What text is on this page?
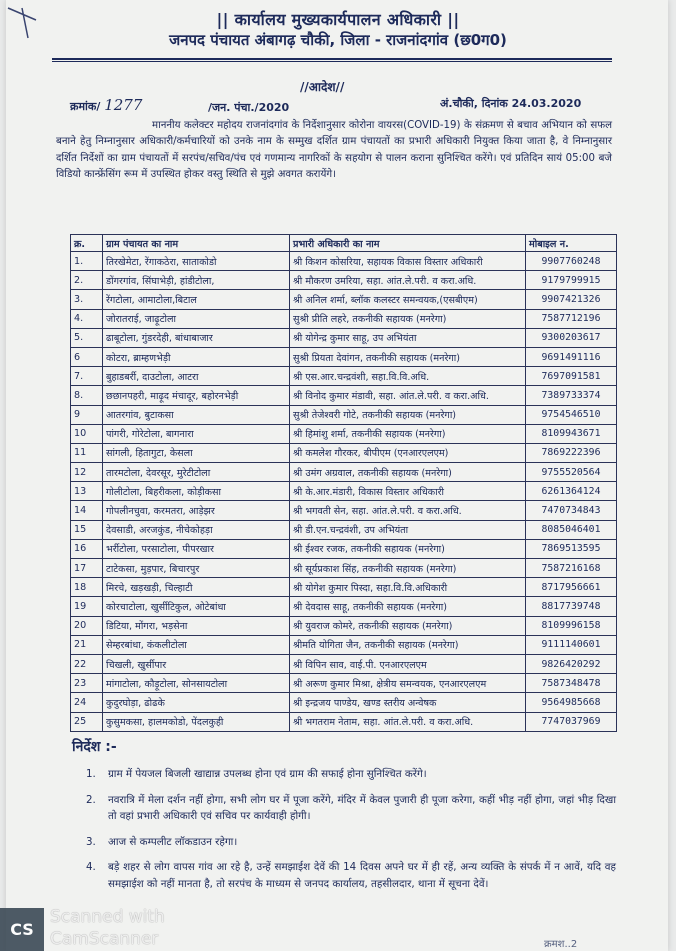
|| कार्यालय मुख्यकार्यपालन अधिकारी ||
जनपद पंचायत अंबागढ़ चौकी, जिला - राजनांदगांव (छ0ग0)
//आदेश//
क्रमांक/ 1277	/जन. पंचा./2020	अं.चौकी, दिनांक 24.03.2020
माननीय कलेक्टर महोदय राजनांदगांव के निर्देशानुसार कोरोना वायरस(COVID-19) के संक्रमण से बचाव अभियान को सफल बनाने हेतु निम्नानुसार अधिकारी/कर्मचारियों को उनके नाम के सम्मुख दर्शित ग्राम पंचायतों का प्रभारी अधिकारी नियुक्त किया जाता है, वे निम्नानुसार दर्शित निर्देशों का ग्राम पंचायतों में सरपंच/सचिव/पंच एवं गणमान्य नागरिकों के सहयोग से पालन कराना सुनिश्चित करेंगे। एवं प्रतिदिन सायं 05:00 बजे विडियो कान्फ्रेंसिंग रूम में उपस्थित होकर वस्तु स्थिति से मुझे अवगत करायेंगे।
क्र.	ग्राम पंचायत का नाम	प्रभारी अधिकारी का नाम	मोबाइल न.
1.	तिरखेमेटा, रेंगाकठेरा, साताकोडो	श्री किशन कोसरिया, सहायक विकास विस्तार अधिकारी	9907760248
2.	डोंगरगांव, सिंघाभेड़ी, हांडीटोला,	श्री मौकरण उमरिया, सहा. आंत.ले.परी. व करा.अधि.	9179799915
3.	रेंगटोला, आमाटोला,बिटाल	श्री अनिल शर्मा, ब्लॉक कलस्टर समन्वयक,(एसबीएम)	9907421326
4.	जोरातराई, जाढ़ूटोला	सुश्री प्रीति लहरे, तकनीकी सहायक (मनरेगा)	7587712196
5.	ढाबूटोला, गुंडरदेही, बांधाबाजार	श्री योगेन्द्र कुमार साहू, उप अभियंता	9300203617
6	कोटरा, ब्राम्हणभेड़ी	सुश्री प्रियता देवांगन, तकनीकी सहायक (मनरेगा)	9691491116
7.	बुहाडबर्री, दाउटोला, आटरा	श्री एस.आर.चन्द्रवंशी, सहा.वि.वि.अधि.	7697091581
8.	छछानपहरी, माढ़ूद मंचादूर, बहोरनभेड़ी	श्री विनोद कुमार मंडावी, सहा. आंत.ले.परी. व करा.अधि.	7389733374
9	आतरगांव, बुटाकसा	सुश्री तेजेश्वरी गोटे, तकनीकी सहायक (मनरेगा)	9754546510
10	पांगरी, गोरेटोला, बागनारा	श्री हिमांशु शर्मा, तकनीकी सहायक (मनरेगा)	8109943671
11	सांगली, हितागुटा, केसला	श्री कमलेश गौरकर, बीपीएम (एनआरएलएम)	7869222396
12	तारमटोला, देवरसूर, मुरेटीटोला	श्री उमंग अग्रवाल, तकनीकी सहायक (मनरेगा)	9755520564
13	गोलीटोला, बिहरीकला, कोड़ीकसा	श्री के.आर.मंडारी, विकास विस्तार अधिकारी	6261364124
14	गोपलीनचुवा, करमतरा, आड़ेझर	श्री भगवती सेन, सहा. आंत.ले.परी. व करा.अधि.	7470734843
15	देवसाडी, अरजकुंड, नीचेकोहड़ा	श्री डी.एन.चन्द्रवंशी, उप अभियंता	8085046401
16	भर्रीटोला, परसाटोला, पीपरखार	श्री ईश्वर रजक, तकनीकी सहायक (मनरेगा)	7869513595
17	टाटेकसा, मुड़पार, बिचारपुर	श्री सूर्यप्रकाश सिंह, तकनीकी सहायक (मनरेगा)	7587216168
18	मिरचे, खड़खड़ी, चिल्हाटी	श्री योगेश कुमार पिस्दा, सहा.वि.वि.अधिकारी	8717956661
19	कोरचाटोला, खुर्सीटिकुल, ओटेबांधा	श्री देवदास साहू, तकनीकी सहायक (मनरेगा)	8817739748
20	डिटिया, मोंगरा, भड़सेना	श्री युवराज कोमरे, तकनीकी सहायक (मनरेगा)	8109996158
21	सेम्हरबांधा, कंकलीटोला	श्रीमति योगिता जैन, तकनीकी सहायक (मनरेगा)	9111140601
22	चिखली, खुर्सीपार	श्री विपिन साव, वाई.पी. एनआरएलएम	9826420292
23	मांगाटोला, कौड़ूटोला, सोनसायटोला	श्री अरूण कुमार मिश्रा, क्षेत्रीय समन्वयक, एनआरएलएम	7587348478
24	कुदुरघोड़ा, ढोढके	श्री इन्द्रजय पाण्डेय, खण्ड स्तरीय अन्वेषक	9564985668
25	कुसुमकसा, हालमकोडो, पेंदलकुही	श्री भगतराम नेताम, सहा. आंत.ले.परी. व करा.अधि.	7747037969
निर्देश :-
1. ग्राम में पेयजल बिजली खाद्यान्न उपलब्ध होना एवं ग्राम की सफाई होना सुनिश्चित करेंगे।
2. नवरात्रि में मेला दर्शन नहीं होगा, सभी लोग घर में पूजा करेंगे, मंदिर में केवल पुजारी ही पूजा करेगा, कहीं भीड़ नहीं होगा, जहां भीड़ दिखा तो वहां प्रभारी अधिकारी एवं सचिव पर कार्यवाही होगी।
3. आज से कम्पलीट लॉकडाउन रहेगा।
4. बड़े शहर से लोग वापस गांव आ रहे है, उन्हें समझाईश देवें की 14 दिवस अपने घर में ही रहें, अन्य व्यक्ति के संपर्क में न आवें, यदि वह समझाईश को नहीं मानता है, तो सरपंच के माध्यम से जनपद कार्यालय, तहसीलदार, थाना में सूचना देवें।
CS
Scanned with
CamScanner	क्रमश..2
